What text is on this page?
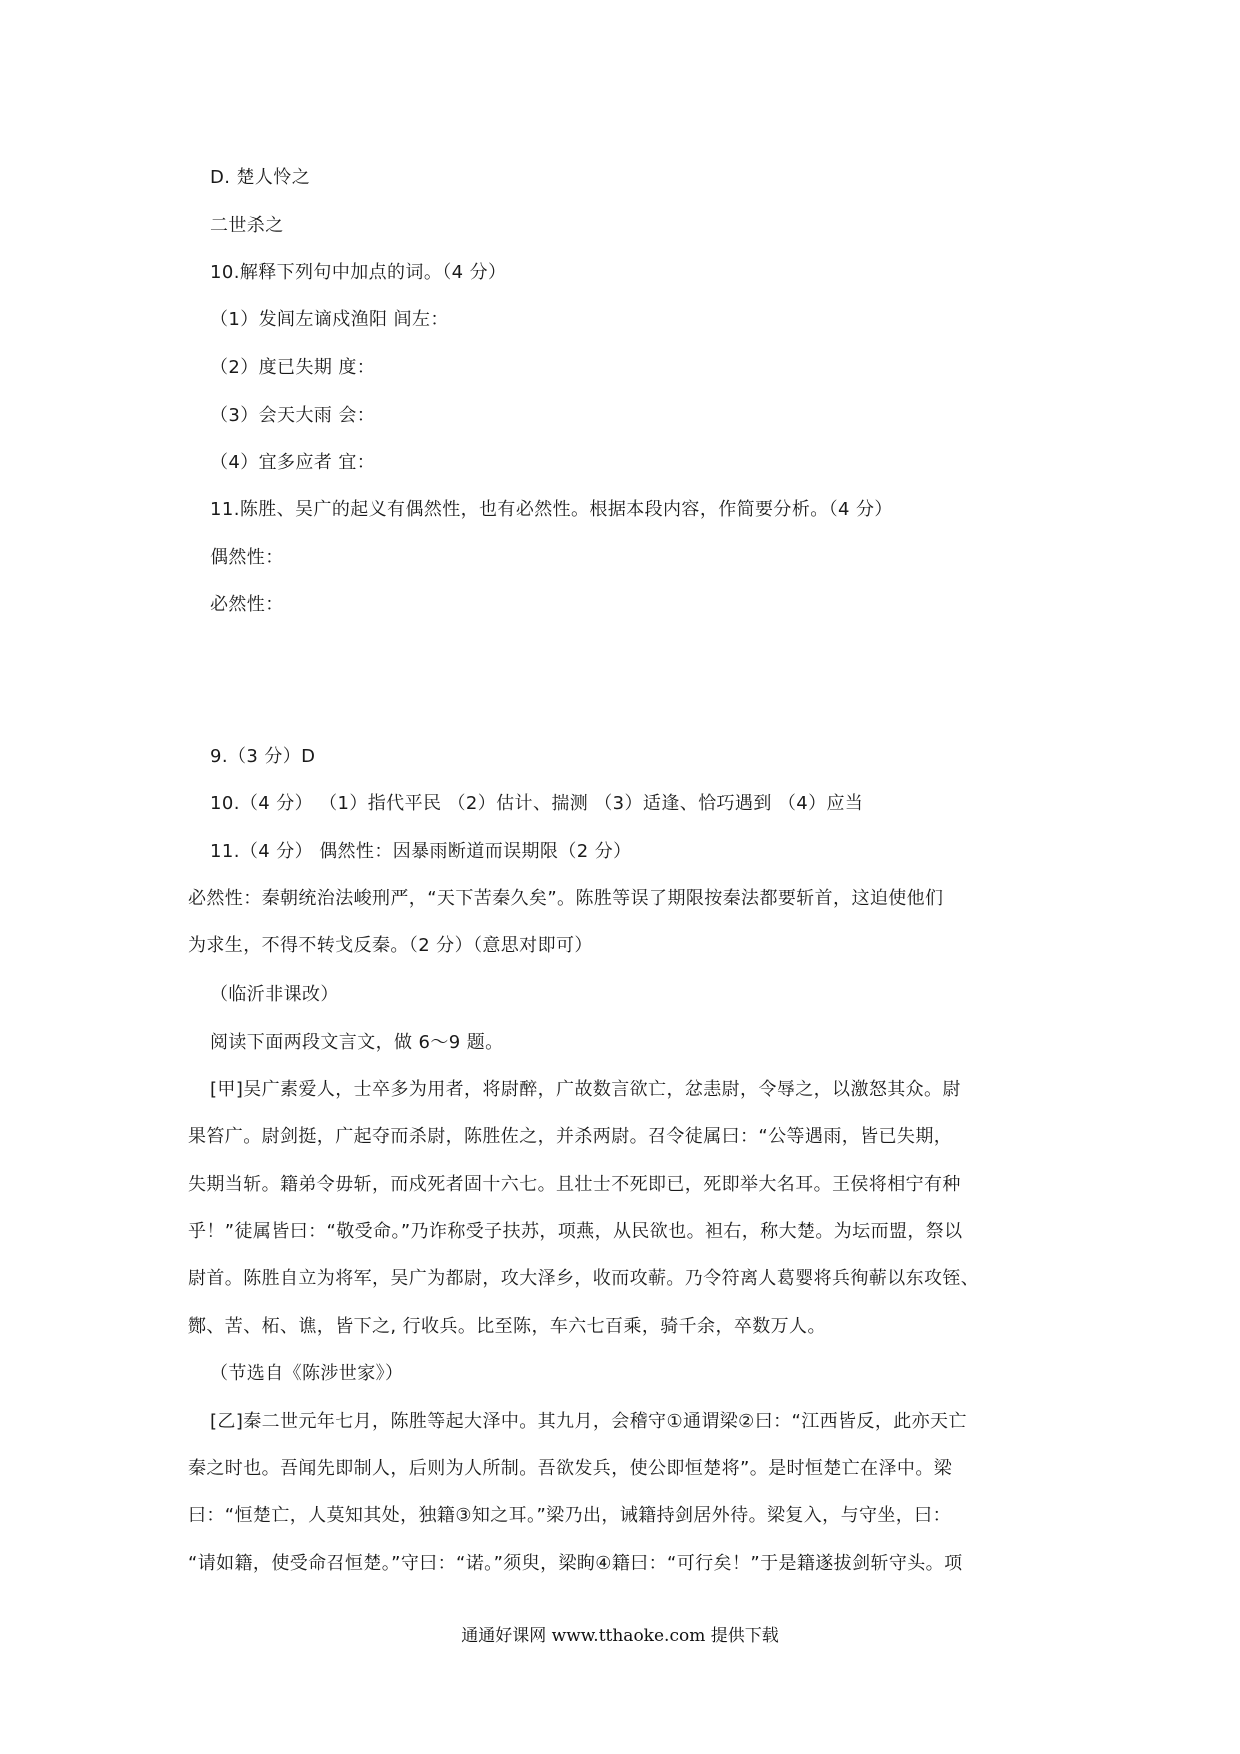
D. 楚人怜之
二世杀之
10.解释下列句中加点的词。（4 分）
（1）发闾左谪戍渔阳 闾左：
（2）度已失期 度：
（3）会天大雨 会：
（4）宜多应者 宜：
11.陈胜、吴广的起义有偶然性，也有必然性。根据本段内容，作简要分析。（4 分）
偶然性：
必然性：
9.（3 分）D
10.（4 分） （1）指代平民 （2）估计、揣测 （3）适逢、恰巧遇到 （4）应当
11.（4 分） 偶然性：因暴雨断道而误期限（2 分）
必然性：秦朝统治法峻刑严，“天下苦秦久矣”。陈胜等误了期限按秦法都要斩首，这迫使他们
为求生，不得不转戈反秦。（2 分）（意思对即可）
（临沂非课改）
阅读下面两段文言文，做 6～9 题。
[甲]吴广素爱人，士卒多为用者，将尉醉，广故数言欲亡，忿恚尉，令辱之，以激怒其众。尉
果笞广。尉剑挺，广起夺而杀尉，陈胜佐之，并杀两尉。召令徒属曰：“公等遇雨，皆已失期，
失期当斩。籍弟令毋斩，而戍死者固十六七。且壮士不死即已，死即举大名耳。王侯将相宁有种
乎！”徒属皆曰：“敬受命。”乃诈称受子扶苏，项燕，从民欲也。袒右，称大楚。为坛而盟，祭以
尉首。陈胜自立为将军，吴广为都尉，攻大泽乡，收而攻蕲。乃令符离人葛婴将兵徇蕲以东攻铚、
酂、苦、柘、谯，皆下之, 行收兵。比至陈，车六七百乘，骑千余，卒数万人。
（节选自《陈涉世家》）
[乙]秦二世元年七月，陈胜等起大泽中。其九月，会稽守①通谓梁②曰：“江西皆反，此亦天亡
秦之时也。吾闻先即制人，后则为人所制。吾欲发兵，使公即恒楚将”。是时恒楚亡在泽中。梁
曰：“恒楚亡，人莫知其处，独籍③知之耳。”梁乃出，诫籍持剑居外待。梁复入，与守坐，曰：
“请如籍，使受命召恒楚。”守曰：“诺。”须臾，梁眴④籍曰：“可行矣！”于是籍遂拔剑斩守头。项
通通好课网 www.tthaoke.com 提供下载
